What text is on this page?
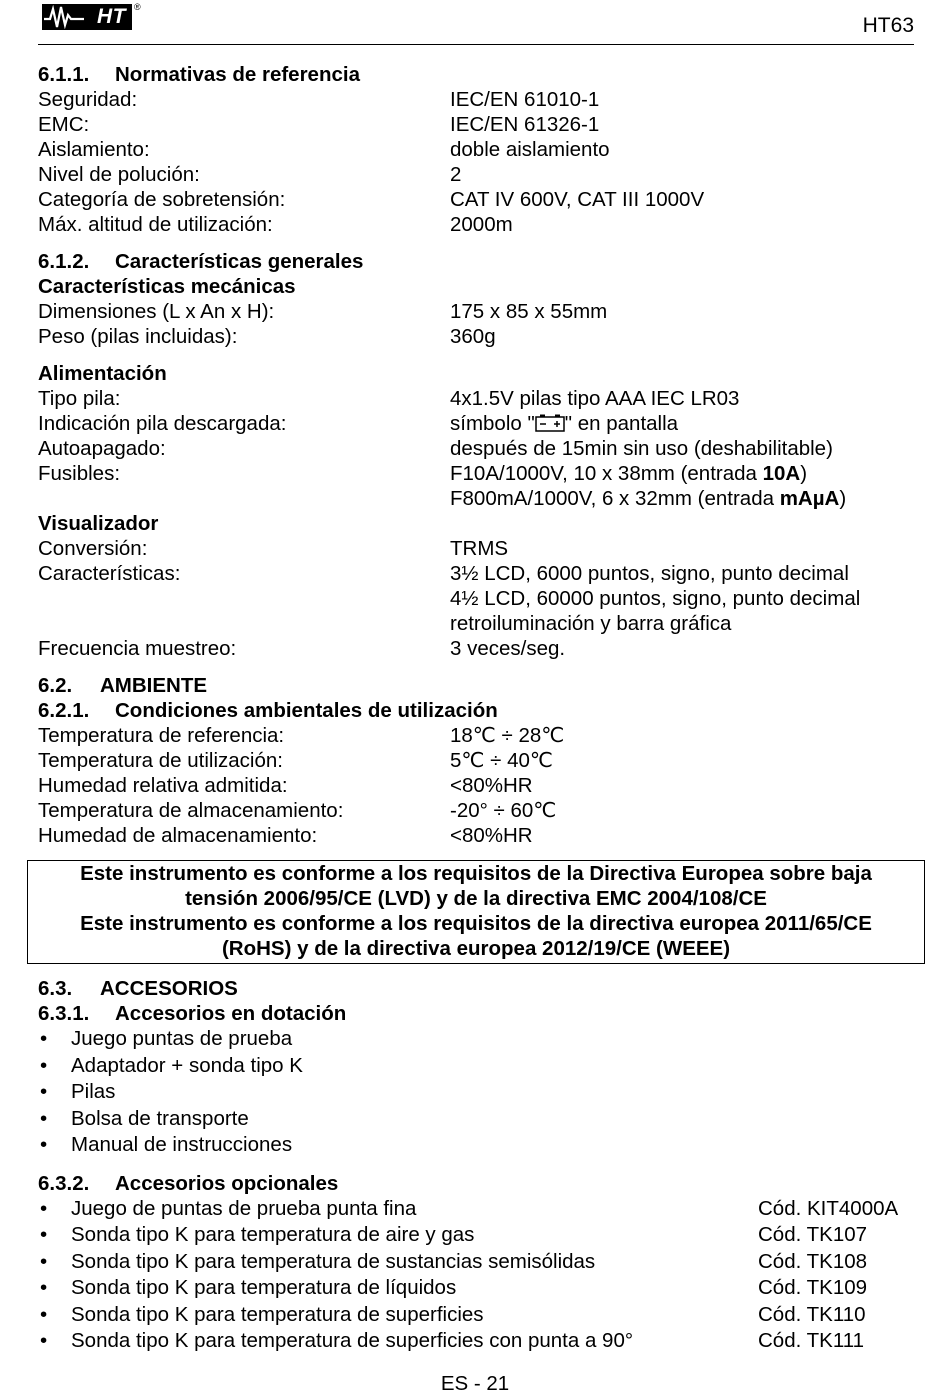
HT ®
HT63
6.1.1. Normativas de referencia
Seguridad:	IEC/EN 61010-1
EMC:	IEC/EN 61326-1
Aislamiento:	doble aislamiento
Nivel de polución:	2
Categoría de sobretensión:	CAT IV 600V, CAT III 1000V
Máx. altitud de utilización:	2000m
6.1.2. Características generales
Características mecánicas
Dimensiones (L x An x H):	175 x 85 x 55mm
Peso (pilas incluidas):	360g
Alimentación
Tipo pila:	4x1.5V pilas tipo AAA IEC LR03
Indicación pila descargada:	símbolo " " en pantalla
Autoapagado:	después de 15min sin uso (deshabilitable)
Fusibles:	F10A/1000V, 10 x 38mm (entrada 10A)
F800mA/1000V, 6 x 32mm (entrada mAµA)
Visualizador
Conversión:	TRMS
Características:	3½ LCD, 6000 puntos, signo, punto decimal
4½ LCD, 60000 puntos, signo, punto decimal
retroiluminación y barra gráfica
Frecuencia muestreo:	3 veces/seg.
6.2. AMBIENTE
6.2.1. Condiciones ambientales de utilización
Temperatura de referencia:	18℃ ÷ 28℃
Temperatura de utilización:	5℃ ÷ 40℃
Humedad relativa admitida:	<80%HR
Temperatura de almacenamiento:	-20° ÷ 60℃
Humedad de almacenamiento:	<80%HR
Este instrumento es conforme a los requisitos de la Directiva Europea sobre baja
tensión 2006/95/CE (LVD) y de la directiva EMC 2004/108/CE
Este instrumento es conforme a los requisitos de la directiva europea 2011/65/CE
(RoHS) y de la directiva europea 2012/19/CE (WEEE)
6.3. ACCESORIOS
6.3.1. Accesorios en dotación
• Juego puntas de prueba
• Adaptador + sonda tipo K
• Pilas
• Bolsa de transporte
• Manual de instrucciones
6.3.2. Accesorios opcionales
• Juego de puntas de prueba punta fina	Cód. KIT4000A
• Sonda tipo K para temperatura de aire y gas	Cód. TK107
• Sonda tipo K para temperatura de sustancias semisólidas	Cód. TK108
• Sonda tipo K para temperatura de líquidos	Cód. TK109
• Sonda tipo K para temperatura de superficies	Cód. TK110
• Sonda tipo K para temperatura de superficies con punta a 90°	Cód. TK111
ES - 21
